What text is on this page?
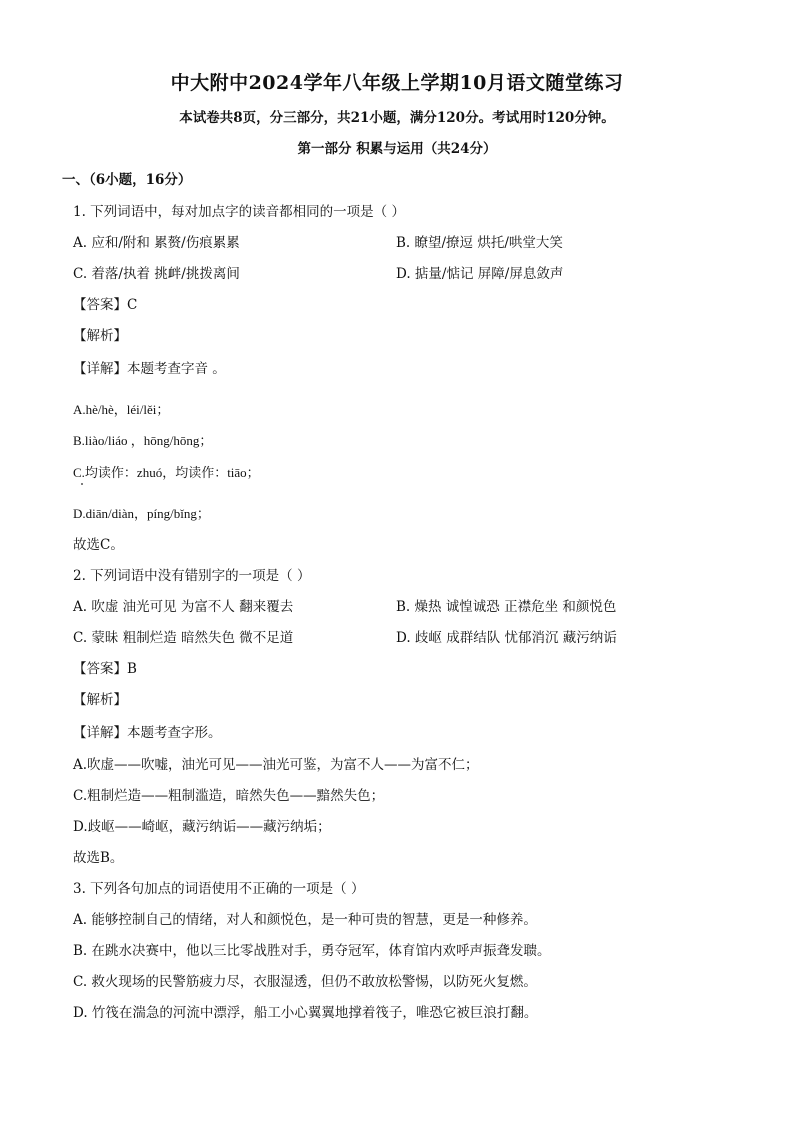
中大附中2024学年八年级上学期10月语文随堂练习
本试卷共8页，分三部分，共21小题，满分120分。考试用时120分钟。
第一部分 积累与运用（共24分）
一、（6小题，16分）
1. 下列词语中，每对加点字的读音都相同的一项是（ ）
A. 应和/附和 累赘/伤痕累累	B. 瞭望/撩逗 烘托/哄堂大笑
C. 着落/执着 挑衅/挑拨离间	D. 掂量/惦记 屏障/屏息敛声
【答案】C
【解析】
【详解】本题考查字音 。
A.hè/hè，léi/lěi；
B.liào/liáo ，hōng/hōng；
C.均读作：zhuó，均读作：tiāo；
D.diān/diàn，píng/bǐng；
故选C。
2. 下列词语中没有错别字的一项是（ ）
A. 吹虚 油光可见 为富不人 翻来覆去	B. 燥热 诚惶诚恐 正襟危坐 和颜悦色
C. 蒙昧 粗制烂造 暗然失色 微不足道	D. 歧岖 成群结队 忧郁消沉 藏污纳诟
【答案】B
【解析】
【详解】本题考查字形。
A.吹虚——吹嘘，油光可见——油光可鉴，为富不人——为富不仁；
C.粗制烂造——粗制滥造，暗然失色——黯然失色；
D.歧岖——崎岖，藏污纳诟——藏污纳垢；
故选B。
3. 下列各句加点的词语使用不正确的一项是（ ）
A. 能够控制自己的情绪，对人和颜悦色，是一种可贵的智慧，更是一种修养。
B. 在跳水决赛中，他以三比零战胜对手，勇夺冠军，体育馆内欢呼声振聋发聩。
C. 救火现场的民警筋疲力尽，衣服湿透，但仍不敢放松警惕，以防死火复燃。
D. 竹筏在湍急的河流中漂浮，船工小心翼翼地撑着筏子，唯恐它被巨浪打翻。
